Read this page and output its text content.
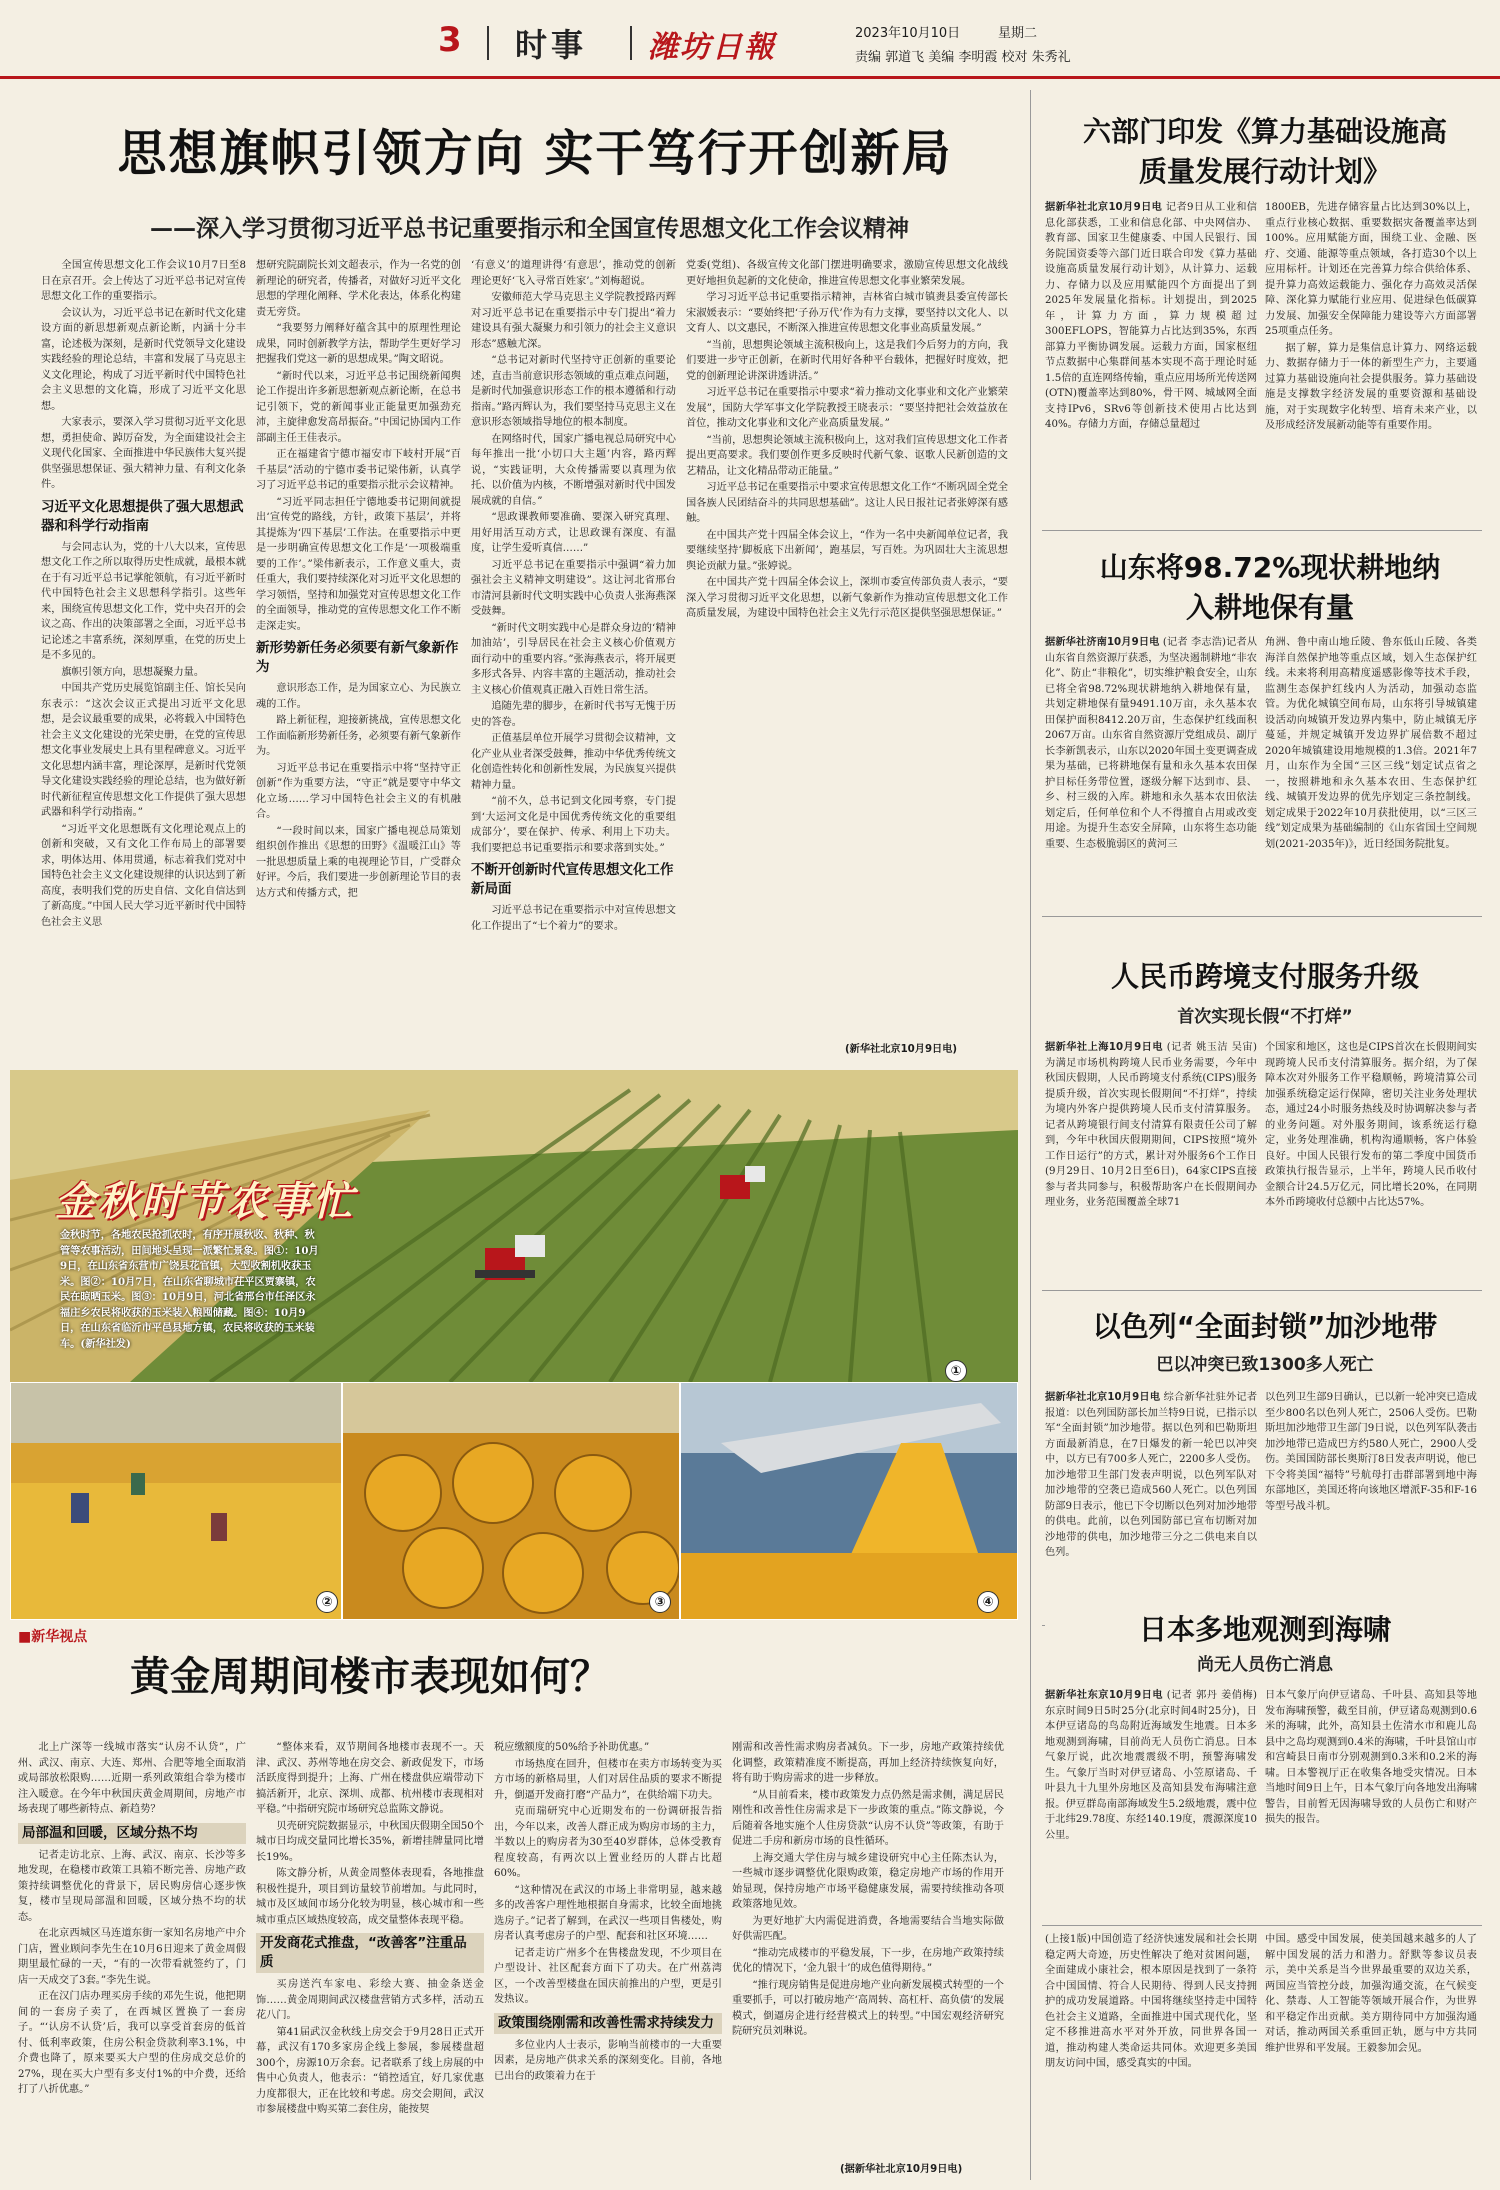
3 时事 潍坊日報	2023年10月10日	星期二
责编 郭道飞 美编 李明霞 校对 朱秀礼
思想旗帜引领方向 实干笃行开创新局
——深入学习贯彻习近平总书记重要指示和全国宣传思想文化工作会议精神

全国宣传思想文化工作会议10月7日至8日在京召开。会上传达了习近平总书记对宣传思想文化工作的重要指示。

会议认为，习近平总书记在新时代文化建设方面的新思想新观点新论断，内涵十分丰富，论述极为深刻，是新时代党领导文化建设实践经验的理论总结，丰富和发展了马克思主义文化理论，构成了习近平新时代中国特色社会主义思想的文化篇，形成了习近平文化思想。

大家表示，要深入学习贯彻习近平文化思想，勇担使命、踔厉奋发，为全面建设社会主义现代化国家、全面推进中华民族伟大复兴提供坚强思想保证、强大精神力量、有利文化条件。

习近平文化思想提供了强大思想武器和科学行动指南

与会同志认为，党的十八大以来，宣传思想文化工作之所以取得历史性成就，最根本就在于有习近平总书记掌舵领航，有习近平新时代中国特色社会主义思想科学指引。这些年来，围绕宣传思想文化工作，党中央召开的会议之高、作出的决策部署之全面，习近平总书记论述之丰富系统，深刻厚重，在党的历史上是不多见的。

旗帜引领方向，思想凝聚力量。

中国共产党历史展览馆副主任、馆长吴向东表示：“这次会议正式提出习近平文化思想，是会议最重要的成果，必将载入中国特色社会主义文化建设的光荣史册，在党的宣传思想文化事业发展史上具有里程碑意义。习近平文化思想内涵丰富，理论深厚，是新时代党领导文化建设实践经验的理论总结，也为做好新时代新征程宣传思想文化工作提供了强大思想武器和科学行动指南。”

“习近平文化思想既有文化理论观点上的创新和突破，又有文化工作布局上的部署要求，明体达用、体用贯通，标志着我们党对中国特色社会主义文化建设规律的认识达到了新高度，表明我们党的历史自信、文化自信达到了新高度。”中国人民大学习近平新时代中国特色社会主义思

想研究院副院长刘文超表示，作为一名党的创新理论的研究者，传播者，对做好习近平文化思想的学理化阐释、学术化表达，体系化构建责无旁贷。

“我要努力阐释好蕴含其中的原理性理论成果，同时创新教学方法，帮助学生更好学习把握我们党这一新的思想成果。”陶文昭说。

“新时代以来，习近平总书记围绕新闻舆论工作提出许多新思想新观点新论断，在总书记引领下，党的新闻事业正能量更加强劲充沛，主旋律愈发高昂振奋。”中国记协国内工作部副主任王佳表示。

正在福建省宁德市福安市下岐村开展“百千基层”活动的宁德市委书记梁伟新，认真学习了习近平总书记的重要指示批示会议精神。

“习近平同志担任宁德地委书记期间就提出‘宣传党的路线，方针，政策下基层’，并将其提炼为‘四下基层’工作法。在重要指示中更是一步明确宣传思想文化工作是‘一项极端重要的工作’。”梁伟新表示，工作意义重大，责任重大，我们要持续深化对习近平文化思想的学习领悟，坚持和加强党对宣传思想文化工作的全面领导，推动党的宣传思想文化工作不断走深走实。

新形势新任务必须要有新气象新作为

意识形态工作，是为国家立心、为民族立魂的工作。

路上新征程，迎接新挑战，宣传思想文化工作面临新形势新任务，必须要有新气象新作为。

习近平总书记在重要指示中将“坚持守正创新”作为重要方法，“守正”就是要守中华文化立场……学习中国特色社会主义的有机融合。

“一段时间以来，国家广播电视总局策划组织创作推出《思想的田野》《温暖江山》等一批思想质量上乘的电视理论节目，广受群众好评。今后，我们要进一步创新理论节目的表达方式和传播方式，把

‘有意义’的道理讲得‘有意思’，推动党的创新理论更好‘飞入寻常百姓家’。”刘梅超说。

安徽师范大学马克思主义学院教授路丙辉对习近平总书记在重要指示中专门提出“着力建设具有强大凝聚力和引领力的社会主义意识形态”感触尤深。

“总书记对新时代坚持守正创新的重要论述，直击当前意识形态领域的重点难点问题，是新时代加强意识形态工作的根本遵循和行动指南。”路丙辉认为，我们要坚持马克思主义在意识形态领域指导地位的根本制度。

在网络时代，国家广播电视总局研究中心每年推出一批‘小切口大主题’内容，路丙辉说，“实践证明，大众传播需要以真理为依托、以价值为内核，不断增强对新时代中国发展成就的自信。”

“思政课教师要准确、要深入研究真理、用好用活互动方式，让思政课有深度、有温度，让学生爱听真信……”

习近平总书记在重要指示中强调“着力加强社会主义精神文明建设”。这让河北省邢台市清河县新时代文明实践中心负责人张海燕深受鼓舞。

“新时代文明实践中心是群众身边的‘精神加油站’，引导居民在社会主义核心价值观方面行动中的重要内容。”张海燕表示，将开展更多形式各异、内容丰富的主题活动，推动社会主义核心价值观真正融入百姓日常生活。

追随先辈的脚步，在新时代书写无愧于历史的答卷。

正值基层单位开展学习贯彻会议精神，文化产业从业者深受鼓舞，推动中华优秀传统文化创造性转化和创新性发展，为民族复兴提供精神力量。

“前不久，总书记到文化园考察，专门提到‘大运河文化是中国优秀传统文化的重要组成部分’，要在保护、传承、利用上下功夫。我们要把总书记重要指示和要求落到实处。”

不断开创新时代宣传思想文化工作新局面

习近平总书记在重要指示中对宣传思想文化工作提出了“七个着力”的要求。

党委(党组)、各级宣传文化部门摆进明确要求，激励宣传思想文化战线更好地担负起新的文化使命，推进宣传思想文化事业繁荣发展。

学习习近平总书记重要指示精神，吉林省白城市镇赉县委宣传部长宋淑媛表示：“要始终把‘子孙万代’作为有力支撑，要坚持以文化人、以文育人、以文惠民，不断深入推进宣传思想文化事业高质量发展。”

“当前，思想舆论领域主流积极向上，这是我们今后努力的方向，我们要进一步守正创新，在新时代用好各种平台载体，把握好时度效，把党的创新理论讲深讲透讲活。”

习近平总书记在重要指示中要求“着力推动文化事业和文化产业繁荣发展”，国防大学军事文化学院教授王晓表示：“要坚持把社会效益放在首位，推动文化事业和文化产业高质量发展。”

“当前，思想舆论领域主流积极向上，这对我们宣传思想文化工作者提出更高要求。我们要创作更多反映时代新气象、讴歌人民新创造的文艺精品，让文化精品带动正能量。”

习近平总书记在重要指示中要求宣传思想文化工作“不断巩固全党全国各族人民团结奋斗的共同思想基础”。这让人民日报社记者张婷深有感触。

在中国共产党十四届全体会议上，“作为一名中央新闻单位记者，我要继续坚持‘脚板底下出新闻’，跑基层，写百姓。为巩固壮大主流思想舆论贡献力量。”张婷说。

在中国共产党十四届全体会议上，深圳市委宣传部负责人表示，“要深入学习贯彻习近平文化思想，以新气象新作为推动宣传思想文化工作高质量发展，为建设中国特色社会主义先行示范区提供坚强思想保证。”

(新华社北京10月9日电)
①
金秋时节农事忙
金秋时节，各地农民抢抓农时，有序开展秋收、秋种、秋管等农事活动，田间地头呈现一派繁忙景象。图①：10月9日，在山东省东营市广饶县花官镇，大型收割机收获玉米。图②：10月7日，在山东省聊城市茌平区贾寨镇，农民在晾晒玉米。图③：10月9日，河北省邢台市任泽区永福庄乡农民将收获的玉米装入粮囤储藏。图④：10月9日，在山东省临沂市平邑县地方镇，农民将收获的玉米装车。(新华社发)
②	③	④
■新华视点
黄金周期间楼市表现如何？

北上广深等一线城市落实“认房不认贷”，广州、武汉、南京、大连、郑州、合肥等地全面取消或局部放松限购……近期一系列政策组合拳为楼市注入暖意。在今年中秋国庆黄金周期间，房地产市场表现了哪些新特点、新趋势？

局部温和回暖，区域分热不均

记者走访北京、上海、武汉、南京、长沙等多地发现，在稳楼市政策工具箱不断完善、房地产政策持续调整优化的背景下，居民购房信心逐步恢复，楼市呈现局部温和回暖，区域分热不均的状态。

在北京西城区马连道东街一家知名房地产中介门店，置业顾问李先生在10月6日迎来了黄金周假期里最忙碌的一天，“有的一次带看就签约了，门店一天成交了3套。”李先生说。

正在汉门店办理买房手续的邓先生说，他把期间的一套房子卖了，在西城区置换了一套房子。“‘认房不认贷’后，我可以享受首套房的低首付、低利率政策，住房公积金贷款利率3.1%，中介费也降了，原来要买大户型的住房成交总价的27%，现在买大户型有多支付1%的中介费，还给打了八折优惠。”

“整体来看，双节期间各地楼市表现不一。天津、武汉、苏州等地在房交会、新政促发下，市场活跃度得到提升；上海、广州在楼盘供应端带动下搞活新开，北京、深圳、成都、杭州楼市表现相对平稳。”中指研究院市场研究总监陈文静说。

贝壳研究院数据显示，中秋国庆假期全国50个城市日均成交量同比增长35%，新增挂牌量同比增长19%。

陈文静分析，从黄金周整体表现看，各地推盘积极性提升，项目到访量较节前增加。与此同时，城市及区域间市场分化较为明显，核心城市和一些城市重点区域热度较高，成交量整体表现平稳。

开发商花式推盘，“改善客”注重品质

买房送汽车家电、彩绘大赛、抽金条送金饰……黄金周期间武汉楼盘营销方式多样，活动五花八门。

第41届武汉金秋线上房交会于9月28日正式开幕，武汉有170多家房企线上参展，参展楼盘超300个，房源10万余套。记者联系了线上房展的中售中心负责人，他表示：“销控适宜，好几家优惠力度都很大，正在比较和考虑。房交会期间，武汉市参展楼盘中购买第二套住房，能按契

税应缴额度的50%给予补助优惠。”

市场热度在回升，但楼市在卖方市场转变为买方市场的新格局里，人们对居住品质的要求不断提升，倒逼开发商打磨“产品力”，在供给端下功夫。

克而瑞研究中心近期发布的一份调研报告指出，今年以来，改善人群正成为购房市场的主力，半数以上的购房者为30至40岁群体，总体受教育程度较高，有两次以上置业经历的人群占比超60%。

“这种情况在武汉的市场上非常明显，越来越多的改善客户理性地根据自身需求，比较全面地挑选房子。”记者了解到，在武汉一些项目售楼处，购房者认真考虑房子的户型、配套和社区环境……

记者走访广州多个在售楼盘发现，不少项目在户型设计、社区配套方面下了功夫。在广州荔湾区，一个改善型楼盘在国庆前推出的户型，更是引发热议。

政策围绕刚需和改善性需求持续发力

多位业内人士表示，影响当前楼市的一大重要因素，是房地产供求关系的深刻变化。目前，各地已出台的政策着力在于

刚需和改善性需求购房者减负。下一步，房地产政策持续优化调整，政策精准度不断提高，再加上经济持续恢复向好，将有助于购房需求的进一步释放。

“从目前看来，楼市政策发力点仍然是需求侧，满足居民刚性和改善性住房需求是下一步政策的重点。”陈文静说，今后随着各地实施个人住房贷款“认房不认贷”等政策，有助于促进二手房和新房市场的良性循环。

上海交通大学住房与城乡建设研究中心主任陈杰认为，一些城市逐步调整优化限购政策，稳定房地产市场的作用开始显现，保持房地产市场平稳健康发展，需要持续推动各项政策落地见效。

为更好地扩大内需促进消费，各地需要结合当地实际做好供需匹配。

“推动完成楼市的平稳发展，下一步，在房地产政策持续优化的情况下，‘金九银十’的成色值得期待。”

“推行现房销售是促进房地产业向新发展模式转型的一个重要抓手，可以打破房地产‘高周转、高杠杆、高负债’的发展模式，倒逼房企进行经营模式上的转型。”中国宏观经济研究院研究员刘琳说。

(据新华社北京10月9日电)
六部门印发《算力基础设施高质量发展行动计划》

据新华社北京10月9日电 记者9日从工业和信息化部获悉，工业和信息化部、中央网信办、教育部、国家卫生健康委、中国人民银行、国务院国资委等六部门近日联合印发《算力基础设施高质量发展行动计划》，从计算力、运载力、存储力以及应用赋能四个方面提出了到2025年发展量化指标。计划提出，到2025年，计算力方面，算力规模超过300EFLOPS，智能算力占比达到35%，东西部算力平衡协调发展。运载力方面，国家枢纽节点数据中心集群间基本实现不高于理论时延1.5倍的直连网络传输，重点应用场所光传送网(OTN)覆盖率达到80%，骨干网、城域网全面支持IPv6，SRv6等创新技术使用占比达到40%。存储力方面，存储总量超过

1800EB，先进存储容量占比达到30%以上，重点行业核心数据、重要数据灾备覆盖率达到100%。应用赋能方面，围绕工业、金融、医疗、交通、能源等重点领域，各打造30个以上应用标杆。计划还在完善算力综合供给体系、提升算力高效运载能力、强化存力高效灵活保障、深化算力赋能行业应用、促进绿色低碳算力发展、加强安全保障能力建设等六方面部署25项重点任务。

据了解，算力是集信息计算力、网络运载力、数据存储力于一体的新型生产力，主要通过算力基础设施向社会提供服务。算力基础设施是支撑数字经济发展的重要资源和基础设施，对于实现数字化转型、培育未来产业，以及形成经济发展新动能等有重要作用。

山东将98.72%现状耕地纳入耕地保有量

据新华社济南10月9日电 (记者 李志浩)记者从山东省自然资源厅获悉，为坚决遏制耕地“非农化”、防止“非粮化”，切实维护粮食安全，山东已将全省98.72%现状耕地纳入耕地保有量，共划定耕地保有量9491.10万亩，永久基本农田保护面积8412.20万亩，生态保护红线面积2067万亩。山东省自然资源厅党组成员、副厅长李新凯表示，山东以2020年国土变更调查成果为基础，已将耕地保有量和永久基本农田保护目标任务带位置，逐级分解下达到市、县、乡、村三级的入库。耕地和永久基本农田依法划定后，任何单位和个人不得擅自占用或改变用途。为提升生态安全屏障，山东将生态功能重要、生态极脆弱区的黄河三

角洲、鲁中南山地丘陵、鲁东低山丘陵、各类海洋自然保护地等重点区域，划入生态保护红线。未来将利用高精度遥感影像等技术手段，监测生态保护红线内人为活动，加强动态监管。为优化城镇空间布局，山东将引导城镇建设活动向城镇开发边界内集中，防止城镇无序蔓延，并规定城镇开发边界扩展倍数不超过2020年城镇建设用地规模的1.3倍。2021年7月，山东作为全国“三区三线”划定试点省之一，按照耕地和永久基本农田、生态保护红线、城镇开发边界的优先序划定三条控制线。划定成果于2022年10月获批使用，以“三区三线”划定成果为基础编制的《山东省国土空间规划(2021-2035年)》，近日经国务院批复。

人民币跨境支付服务升级
首次实现长假“不打烊”

据新华社上海10月9日电 (记者 姚玉洁 吴宙)为满足市场机构跨境人民币业务需要，今年中秋国庆假期，人民币跨境支付系统(CIPS)服务提质升级，首次实现长假期间“不打烊”，持续为境内外客户提供跨境人民币支付清算服务。记者从跨境银行间支付清算有限责任公司了解到，今年中秋国庆假期期间，CIPS按照“境外工作日运行”的方式，累计对外服务6个工作日(9月29日、10月2日至6日)，64家CIPS直接参与者共同参与，积极帮助客户在长假期间办理业务，业务范围覆盖全球71

个国家和地区，这也是CIPS首次在长假期间实现跨境人民币支付清算服务。据介绍，为了保障本次对外服务工作平稳顺畅，跨境清算公司加强系统稳定运行保障，密切关注业务处理状态，通过24小时服务热线及时协调解决参与者的业务问题。对外服务期间，该系统运行稳定，业务处理准确，机构沟通顺畅，客户体验良好。中国人民银行发布的第二季度中国货币政策执行报告显示，上半年，跨境人民币收付金额合计24.5万亿元，同比增长20%，在同期本外币跨境收付总额中占比达57%。

以色列“全面封锁”加沙地带
巴以冲突已致1300多人死亡

据新华社北京10月9日电 综合新华社驻外记者报道：以色列国防部长加兰特9日说，已指示以军“全面封锁”加沙地带。据以色列和巴勒斯坦方面最新消息，在7日爆发的新一轮巴以冲突中，以方已有700多人死亡，2200多人受伤。加沙地带卫生部门发表声明说，以色列军队对加沙地带的空袭已造成560人死亡。以色列国防部9日表示，他已下令切断以色列对加沙地带的供电。此前，以色列国防部已宣布切断对加沙地带的供电，加沙地带三分之二供电来自以色列。

以色列卫生部9日确认，已以新一轮冲突已造成至少800名以色列人死亡，2506人受伤。巴勒斯坦加沙地带卫生部门9日说，以色列军队袭击加沙地带已造成巴方约580人死亡，2900人受伤。美国国防部长奥斯汀8日发表声明说，他已下令将美国“福特”号航母打击群部署到地中海东部地区，美国还将向该地区增派F-35和F-16等型号战斗机。

日本多地观测到海啸
尚无人员伤亡消息

据新华社东京10月9日电 (记者 郭丹 姜俏梅)东京时间9日5时25分(北京时间4时25分)，日本伊豆诸岛的鸟岛附近海域发生地震。日本多地观测到海啸，目前尚无人员伤亡消息。日本气象厅说，此次地震震级不明，预警海啸发生。气象厅当时对伊豆诸岛、小笠原诸岛、千叶县九十九里外房地区及高知县发布海啸注意报。伊豆群岛南部海域发生5.2级地震，震中位于北纬29.78度、东经140.19度，震源深度10公里。

日本气象厅向伊豆诸岛、千叶县、高知县等地发布海啸预警，截至目前，伊豆诸岛观测到0.6米的海啸，此外，高知县土佐清水市和鹿儿岛县中之岛均观测到0.4米的海啸，千叶县馆山市和宫崎县日南市分别观测到0.3米和0.2米的海啸。日本警视厅正在收集各地受灾情况。日本当地时间9日上午，日本气象厅向各地发出海啸警告，目前暂无因海啸导致的人员伤亡和财产损失的报告。

(上接1版)中国创造了经济快速发展和社会长期稳定两大奇迹，历史性解决了绝对贫困问题，全面建成小康社会，根本原因是找到了一条符合中国国情、符合人民期待、得到人民支持拥护的成功发展道路。中国将继续坚持走中国特色社会主义道路，全面推进中国式现代化，坚定不移推进高水平对外开放，同世界各国一道，推动构建人类命运共同体。欢迎更多美国朋友访问中国，感受真实的中国。

中国。感受中国发展，使美国越来越多的人了解中国发展的活力和潜力。舒默等参议员表示，美中关系是当今世界最重要的双边关系，两国应当管控分歧，加强沟通交流，在气候变化、禁毒、人工智能等领域开展合作，为世界和平稳定作出贡献。美方期待同中方加强沟通对话，推动两国关系重回正轨，愿与中方共同维护世界和平发展。王毅参加会见。
